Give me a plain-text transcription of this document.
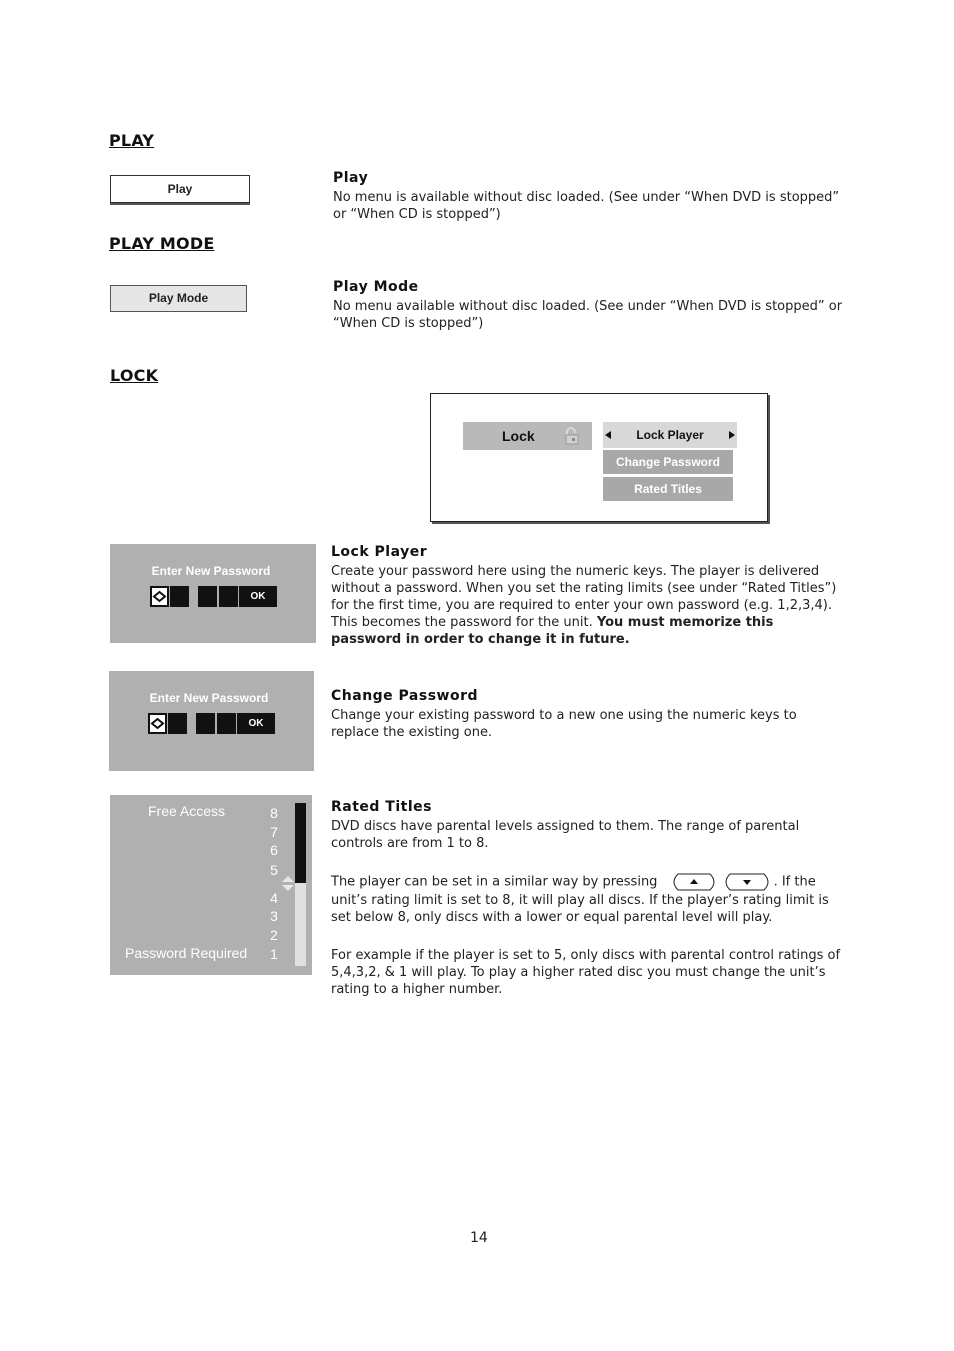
PLAY
Play
Play
No menu is available without disc loaded. (See under “When DVD is stopped” or “When CD is stopped”)
PLAY MODE
Play Mode
Play Mode
No menu available without disc loaded. (See under “When DVD is stopped” or “When CD is stopped”)
LOCK
Lock	Lock Player
Change Password
Rated Titles
Enter New Password
OK
Lock Player
Create your password here using the numeric keys. The player is delivered without a password. When you set the rating limits (see under “Rated Titles”) for the first time, you are required to enter your own password (e.g. 1,2,3,4). This becomes the password for the unit. You must memorize this password in order to change it in future.
Enter New Password
OK
Change Password
Change your existing password to a new one using the numeric keys to replace the existing one.
Free Access
Password Required
8
7
6
5
4
3
2
1
Rated Titles
DVD discs have parental levels assigned to them. The range of parental controls are from 1 to 8.
The player can be set in a similar way by pressing	. If the unit’s rating limit is set to 8, it will play all discs. If the player’s rating limit is set below 8, only discs with a lower or equal parental level will play.
For example if the player is set to 5, only discs with parental control ratings of 5,4,3,2, & 1 will play. To play a higher rated disc you must change the unit’s rating to a higher number.
14
